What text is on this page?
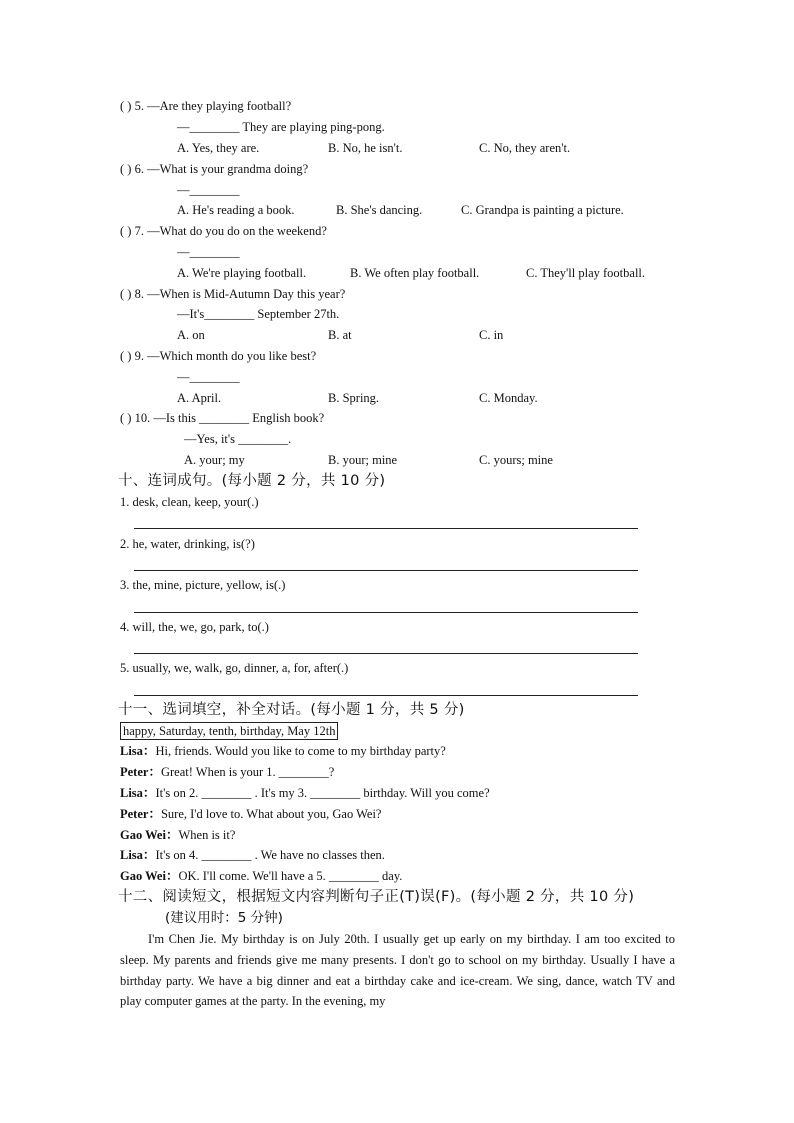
( ) 5. —Are they playing football?
—________ They are playing ping-pong.
A. Yes, they are.	B. No, he isn't.	C. No, they aren't.
( ) 6. —What is your grandma doing?
—________
A. He's reading a book.	B. She's dancing.	C. Grandpa is painting a picture.
( ) 7. —What do you do on the weekend?
—________
A. We're playing football.	B. We often play football.	C. They'll play football.
( ) 8. —When is Mid-Autumn Day this year?
—It's________ September 27th.
A. on	B. at	C. in
( ) 9. —Which month do you like best?
—________
A. April.	B. Spring.	C. Monday.
( ) 10. —Is this ________ English book?
—Yes, it's ________.
A. your; my	B. your; mine	C. yours; mine
十、连词成句。(每小题 2 分，共 10 分)
1. desk, clean, keep, your(.)
2. he, water, drinking, is(?)
3. the, mine, picture, yellow, is(.)
4. will, the, we, go, park, to(.)
5. usually, we, walk, go, dinner, a, for, after(.)
十一、选词填空，补全对话。(每小题 1 分，共 5 分)
happy, Saturday, tenth, birthday, May 12th
Lisa：Hi, friends. Would you like to come to my birthday party?
Peter：Great! When is your 1. ________?
Lisa：It's on 2. ________ . It's my 3. ________ birthday. Will you come?
Peter：Sure, I'd love to. What about you, Gao Wei?
Gao Wei：When is it?
Lisa：It's on 4. ________ . We have no classes then.
Gao Wei：OK. I'll come. We'll have a 5. ________ day.
十二、阅读短文，根据短文内容判断句子正(T)误(F)。(每小题 2 分，共 10 分)
(建议用时：5 分钟)
I'm Chen Jie. My birthday is on July 20th. I usually get up early on my birthday. I am too excited to sleep. My parents and friends give me many presents. I don't go to school on my birthday. Usually I have a birthday party. We have a big dinner and eat a birthday cake and ice-cream. We sing, dance, watch TV and play computer games at the party. In the evening, my
